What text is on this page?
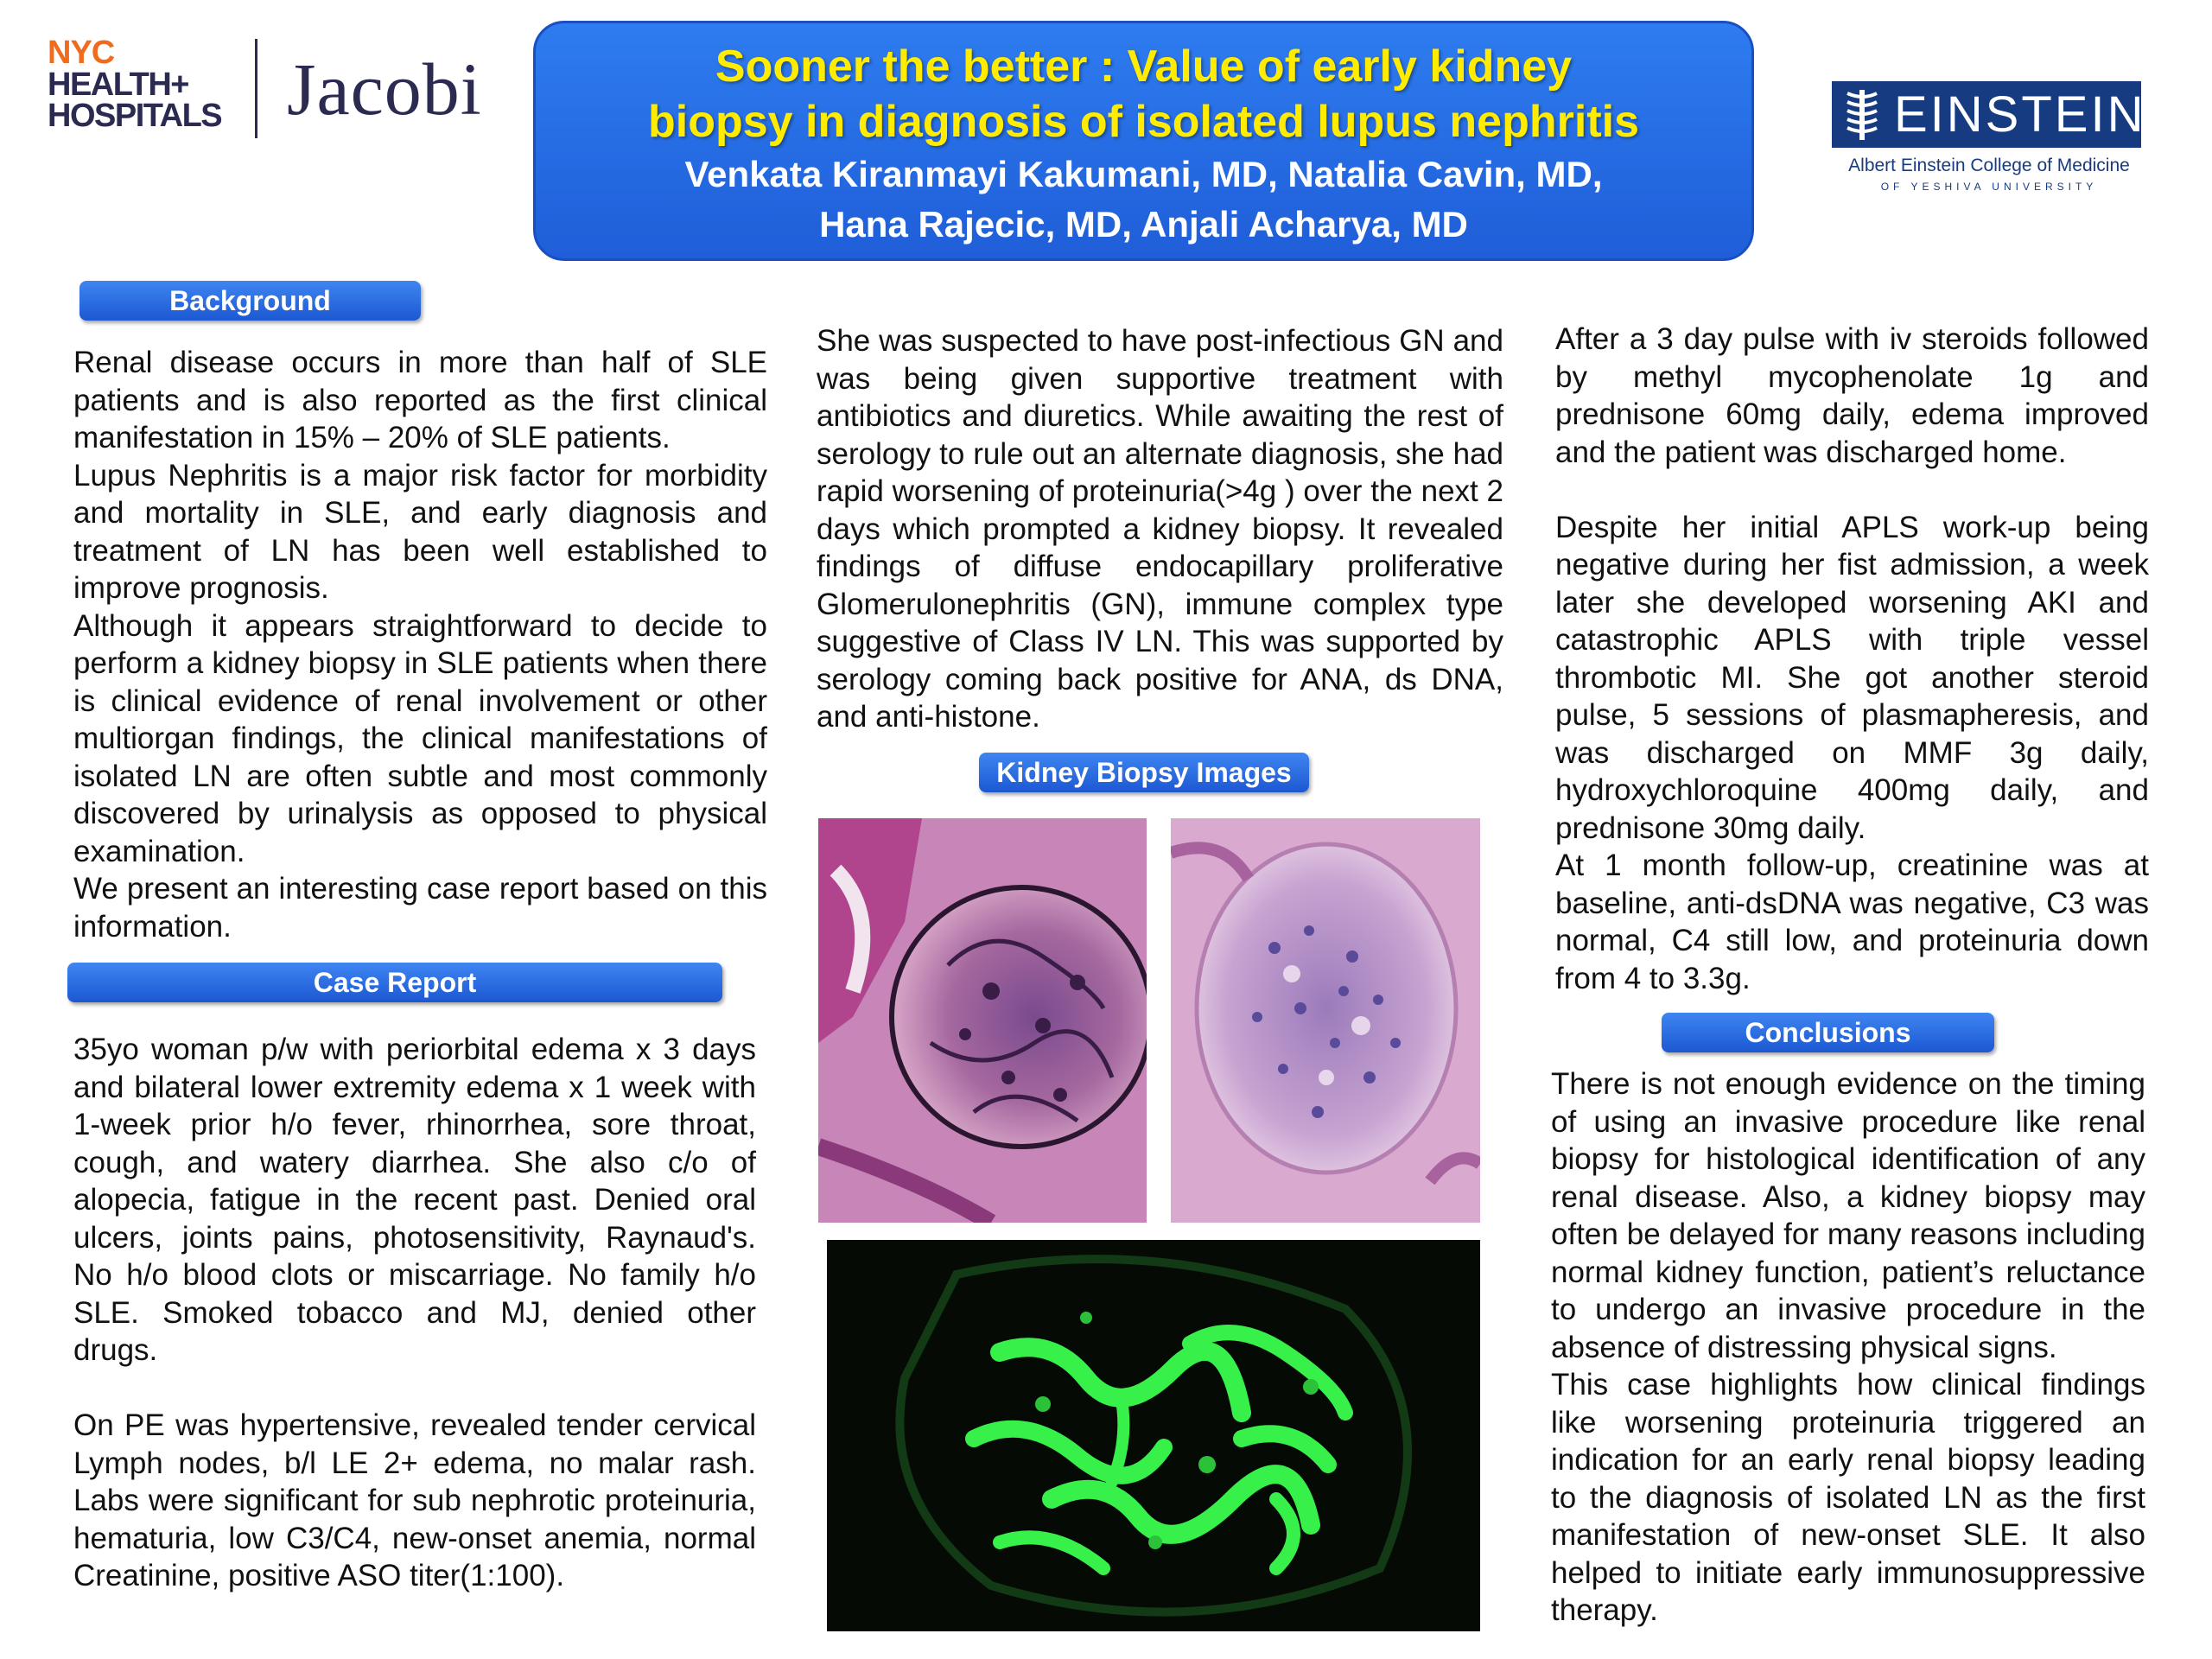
NYC
HEALTH+
HOSPITALS Jacobi	Sooner the better : Value of early kidney
biopsy in diagnosis of isolated lupus nephritis
Venkata Kiranmayi Kakumani, MD, Natalia Cavin, MD,
Hana Rajecic, MD, Anjali Acharya, MD
EINSTEIN
Albert Einstein College of Medicine
OF YESHIVA UNIVERSITY
Background

Renal disease occurs in more than half of SLE patients and is also reported as the first clinical manifestation in 15% – 20% of SLE patients.

Lupus Nephritis is a major risk factor for morbidity and mortality in SLE, and early diagnosis and treatment of LN has been well established to improve prognosis.

Although it appears straightforward to decide to perform a kidney biopsy in SLE patients when there is clinical evidence of renal involvement or other multiorgan findings, the clinical manifestations of isolated LN are often subtle and most commonly discovered by urinalysis as opposed to physical examination.

We present an interesting case report based on this information.

Case Report

35yo woman p/w with periorbital edema x 3 days and bilateral lower extremity edema x 1 week with 1-week prior h/o fever, rhinorrhea, sore throat, cough, and watery diarrhea. She also c/o of alopecia, fatigue in the recent past. Denied oral ulcers, joints pains, photosensitivity, Raynaud's. No h/o blood clots or miscarriage. No family h/o SLE. Smoked tobacco and MJ, denied other drugs.

On PE was hypertensive, revealed tender cervical Lymph nodes, b/l LE 2+ edema, no malar rash. Labs were significant for sub nephrotic proteinuria, hematuria, low C3/C4, new-onset anemia, normal Creatinine, positive ASO titer(1:100).

She was suspected to have post-infectious GN and was being given supportive treatment with antibiotics and diuretics. While awaiting the rest of serology to rule out an alternate diagnosis, she had rapid worsening of proteinuria(>4g ) over the next 2 days which prompted a kidney biopsy. It revealed findings of diffuse endocapillary proliferative Glomerulonephritis (GN), immune complex type suggestive of Class IV LN. This was supported by serology coming back positive for ANA, ds DNA, and anti-histone.

Kidney Biopsy Images

After a 3 day pulse with iv steroids followed by methyl mycophenolate 1g and prednisone 60mg daily, edema improved and the patient was discharged home.

Despite her initial APLS work-up being negative during her fist admission, a week later she developed worsening AKI and catastrophic APLS with triple vessel thrombotic MI. She got another steroid pulse, 5 sessions of plasmapheresis, and was discharged on MMF 3g daily, hydroxychloroquine 400mg daily, and prednisone 30mg daily.

At 1 month follow-up, creatinine was at baseline, anti-dsDNA was negative, C3 was normal, C4 still low, and proteinuria down from 4 to 3.3g.

Conclusions

There is not enough evidence on the timing of using an invasive procedure like renal biopsy for histological identification of any renal disease. Also, a kidney biopsy may often be delayed for many reasons including normal kidney function, patient’s reluctance to undergo an invasive procedure in the absence of distressing physical signs.

This case highlights how clinical findings like worsening proteinuria triggered an indication for an early renal biopsy leading to the diagnosis of isolated LN as the first manifestation of new-onset SLE. It also helped to initiate early immunosuppressive therapy.
